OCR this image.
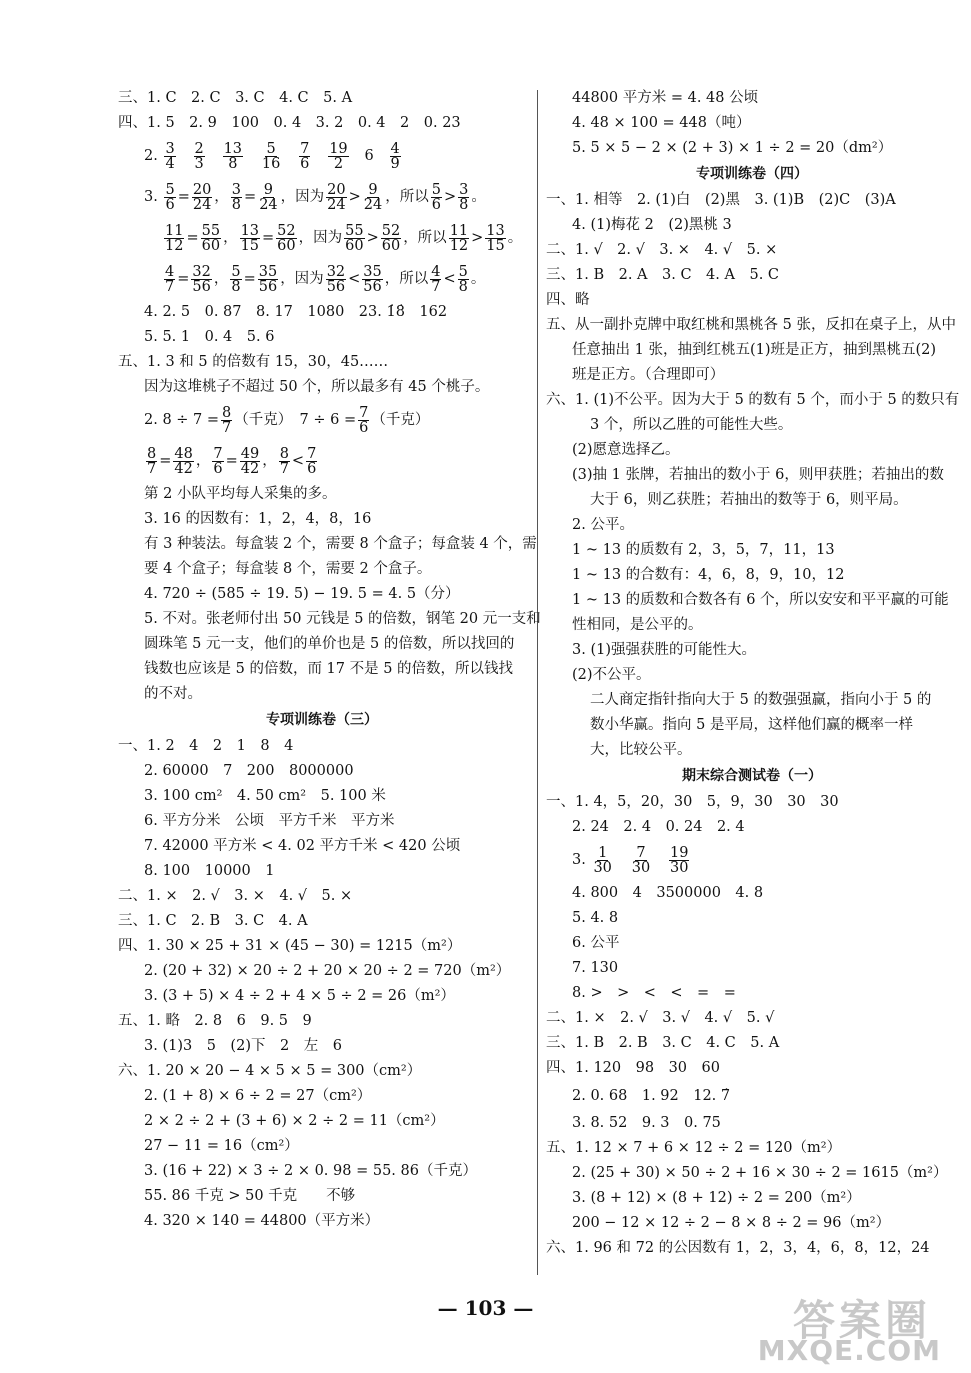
三、1. C　2. C　3. C　4. C　5. A
四、1. 5　2. 9　100　0. 4　3. 2　0. 4　2　0. 23
2. $\frac{3}{4}$
$\frac{2}{3}$
$\frac{13}{8}$
$\frac{5}{16}$
$\frac{7}{6}$
$\frac{19}{2} 6 \frac{4}{9}$
3. $\frac{5}{6} = \frac{20}{24}$ ， $\frac{3}{8} = \frac{9}{24}$ ，因为 $\frac{20}{24} > \frac{9}{24}$ ，所以 $\frac{5}{6} > \frac{3}{8}$ 。
$\frac{11}{12} = \frac{55}{60}$ ， $\frac{13}{15} = \frac{52}{60}$ ，因为 $\frac{55}{60} > \frac{52}{60}$ ，所以 $\frac{11}{12} > \frac{13}{15}$ 。
$\frac{4}{7} = \frac{32}{56}$ ， $\frac{5}{8} = \frac{35}{56}$ ，因为 $\frac{32}{56} < \frac{35}{56}$ ，所以 $\frac{4}{7} < \frac{5}{8}$ 。
4. 2. 5　0. 87　8. 17　1080　23. 1̇8̇　162
5. 5. 1　0. 4　5. 6
五、1. 3 和 5 的倍数有 15，30，45……
因为这堆桃子不超过 50 个，所以最多有 45 个桃子。
2. $8 \div 7 = \frac{8}{7}$ （千克）　$7 \div 6 = \frac{7}{6}$ （千克）
$\frac{8}{7} = \frac{48}{42}$ ， $\frac{7}{6} = \frac{49}{42}$ ， $\frac{8}{7} < \frac{7}{6}$
第 2 小队平均每人采集的多。
3. 16 的因数有：1，2，4，8，16
有 3 种装法。每盒装 2 个，需要 8 个盒子；每盒装 4 个，需
要 4 个盒子；每盒装 8 个，需要 2 个盒子。
4. 720 ÷ (585 ÷ 19. 5) − 19. 5 = 4. 5（分）
5. 不对。张老师付出 50 元钱是 5 的倍数，钢笔 20 元一支和
圆珠笔 5 元一支，他们的单价也是 5 的倍数，所以找回的
钱数也应该是 5 的倍数，而 17 不是 5 的倍数，所以钱找
的不对。
专项训练卷（三）
一、1. 2　4　2　1　8　4
2. 60000　7　200　8000000
3. 100 cm²　4. 50 cm²　5. 100 米
6. 平方分米　公顷　平方千米　平方米
7. 42000 平方米 < 4. 02 平方千米 < 420 公顷
8. 100　10000　1
二、1. ×　2. √　3. ×　4. √　5. ×
三、1. C　2. B　3. C　4. A
四、1. 30 × 25 + 31 × (45 − 30) = 1215（m²）
2. (20 + 32) × 20 ÷ 2 + 20 × 20 ÷ 2 = 720（m²）
3. (3 + 5) × 4 ÷ 2 + 4 × 5 ÷ 2 = 26（m²）
五、1. 略　2. 8　6　9. 5　9
3. (1)3　5　(2)下　2　左　6
六、1. 20 × 20 − 4 × 5 × 5 = 300（cm²）
2. (1 + 8) × 6 ÷ 2 = 27（cm²）
2 × 2 ÷ 2 + (3 + 6) × 2 ÷ 2 = 11（cm²）
27 − 11 = 16（cm²）
3. (16 + 22) × 3 ÷ 2 × 0. 98 = 55. 86（千克）
55. 86 千克 > 50 千克　　不够
4. 320 × 140 = 44800（平方米）
44800 平方米 = 4. 48 公顷
4. 48 × 100 = 448（吨）
5. 5 × 5 − 2 × (2 + 3) × 1 ÷ 2 = 20（dm²）
专项训练卷（四）
一、1. 相等　2. (1)白　(2)黑　3. (1)B　(2)C　(3)A
4. (1)梅花 2　(2)黑桃 3
二、1. √　2. √　3. ×　4. √　5. ×
三、1. B　2. A　3. C　4. A　5. C
四、略
五、从一副扑克牌中取红桃和黑桃各 5 张，反扣在桌子上，从中
任意抽出 1 张，抽到红桃五(1)班是正方，抽到黑桃五(2)
班是正方。（合理即可）
六、1. (1)不公平。因为大于 5 的数有 5 个，而小于 5 的数只有
3 个，所以乙胜的可能性大些。
(2)愿意选择乙。
(3)抽 1 张牌，若抽出的数小于 6，则甲获胜；若抽出的数
大于 6，则乙获胜；若抽出的数等于 6，则平局。
2. 公平。
1 ~ 13 的质数有 2，3，5，7，11，13
1 ~ 13 的合数有：4，6，8，9，10，12
1 ~ 13 的质数和合数各有 6 个，所以安安和平平赢的可能
性相同，是公平的。
3. (1)强强获胜的可能性大。
(2)不公平。
二人商定指针指向大于 5 的数强强赢，指向小于 5 的
数小华赢。指向 5 是平局，这样他们赢的概率一样
大，比较公平。
期末综合测试卷（一）
一、1. 4，5，20，30　5，9，30　30　30
2. 24　2. 4　0. 24　2. 4
3. $\frac{1}{30}$
$\frac{7}{30}$
$\frac{19}{30}$
4. 800　4　3500000　4. 8
5. 4. 8
6. 公平
7. 130
8. >　>　<　<　=　=
二、1. ×　2. √　3. √　4. √　5. √
三、1. B　2. B　3. C　4. C　5. A
四、1. 120　98　30　60
2. 0. 68　1. 92　12. 7̇
3. 8. 52　9. 3　0. 75
五、1. 12 × 7 + 6 × 12 ÷ 2 = 120（m²）
2. (25 + 30) × 50 ÷ 2 + 16 × 30 ÷ 2 = 1615（m²）
3. (8 + 12) × (8 + 12) ÷ 2 = 200（m²）
200 − 12 × 12 ÷ 2 − 8 × 8 ÷ 2 = 96（m²）
六、1. 96 和 72 的公因数有 1，2，3，4，6，8，12，24
— 103 —	答案圈
MXQE.COM
